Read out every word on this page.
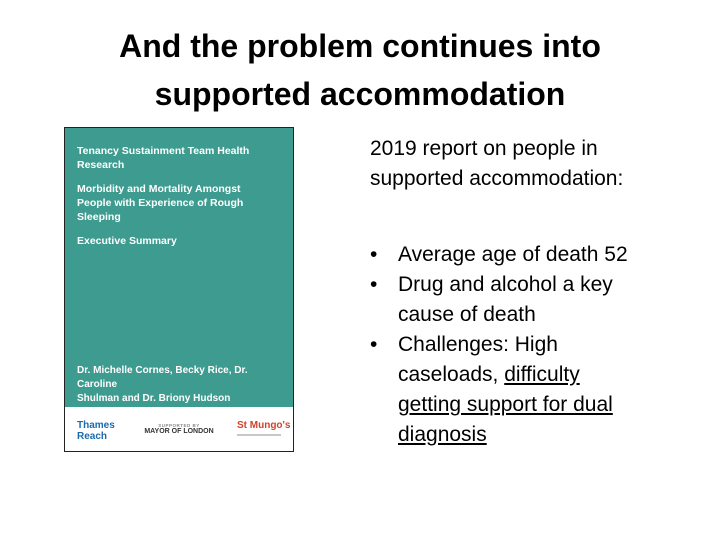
And the problem continues into
supported accommodation
Tenancy Sustainment Team Health
Research
Morbidity and Mortality Amongst
People with Experience of Rough
Sleeping
Executive Summary
Dr. Michelle Cornes, Becky Rice, Dr. Caroline
Shulman and Dr. Briony Hudson
Thames
Reach
SUPPORTED BY
MAYOR OF LONDON
St Mungo's
2019 report on people in
supported accommodation:
• Average age of death 52
• Drug and alcohol a key
cause of death
• Challenges: High
caseloads, difficulty
getting support for dual
diagnosis
